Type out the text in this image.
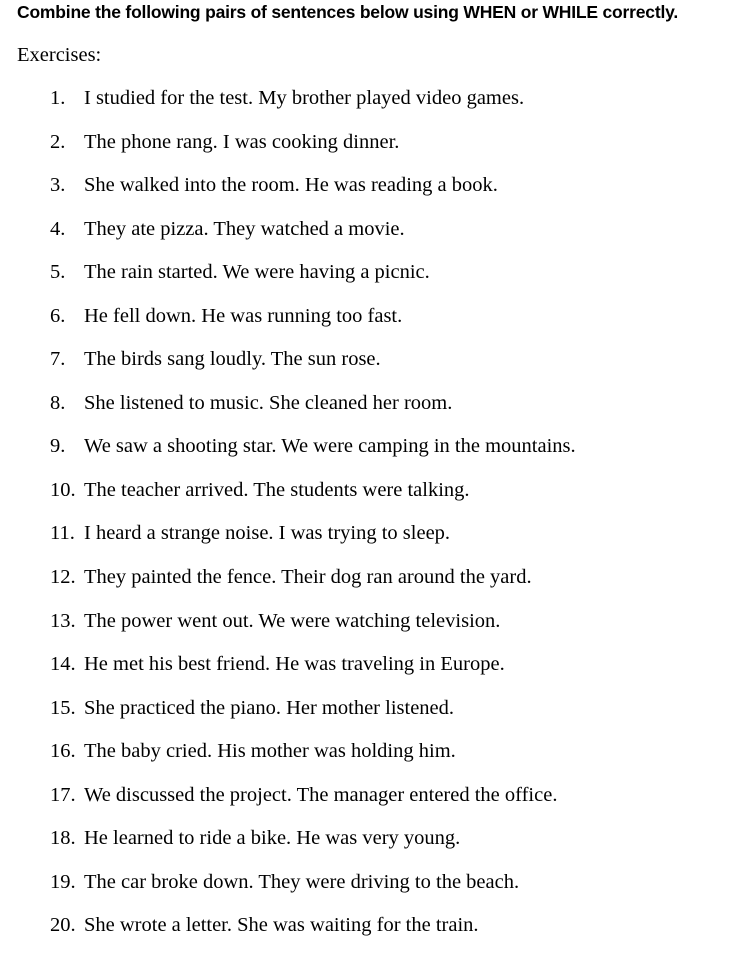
Combine the following pairs of sentences below using WHEN or WHILE correctly.

Exercises:

1. I studied for the test. My brother played video games.
2. The phone rang. I was cooking dinner.
3. She walked into the room. He was reading a book.
4. They ate pizza. They watched a movie.
5. The rain started. We were having a picnic.
6. He fell down. He was running too fast.
7. The birds sang loudly. The sun rose.
8. She listened to music. She cleaned her room.
9. We saw a shooting star. We were camping in the mountains.
10. The teacher arrived. The students were talking.
11. I heard a strange noise. I was trying to sleep.
12. They painted the fence. Their dog ran around the yard.
13. The power went out. We were watching television.
14. He met his best friend. He was traveling in Europe.
15. She practiced the piano. Her mother listened.
16. The baby cried. His mother was holding him.
17. We discussed the project. The manager entered the office.
18. He learned to ride a bike. He was very young.
19. The car broke down. They were driving to the beach.
20. She wrote a letter. She was waiting for the train.
